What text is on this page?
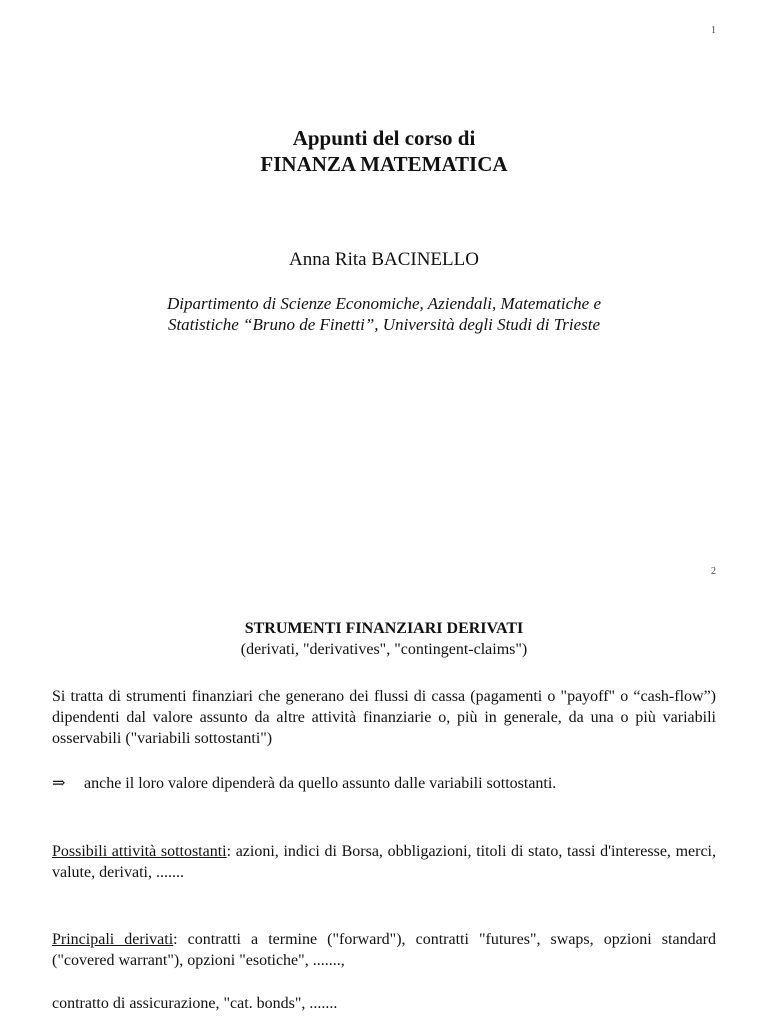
1
Appunti del corso di
FINANZA MATEMATICA
Anna Rita BACINELLO
Dipartimento di Scienze Economiche, Aziendali, Matematiche e
Statistiche “Bruno de Finetti”, Università degli Studi di Trieste
2
STRUMENTI FINANZIARI DERIVATI
(derivati, "derivatives", "contingent-claims")
Si tratta di strumenti finanziari che generano dei flussi di cassa (pagamenti o "payoff" o “cash-flow”) dipendenti dal valore assunto da altre attività finanziarie o, più in generale, da una o più variabili osservabili ("variabili sottostanti")
⇒ anche il loro valore dipenderà da quello assunto dalle variabili sottostanti.
Possibili attività sottostanti: azioni, indici di Borsa, obbligazioni, titoli di stato, tassi d'interesse, merci, valute, derivati, .......
Principali derivati: contratti a termine ("forward"), contratti "futures", swaps, opzioni standard ("covered warrant"), opzioni "esotiche", .......,
contratto di assicurazione, "cat. bonds", .......
